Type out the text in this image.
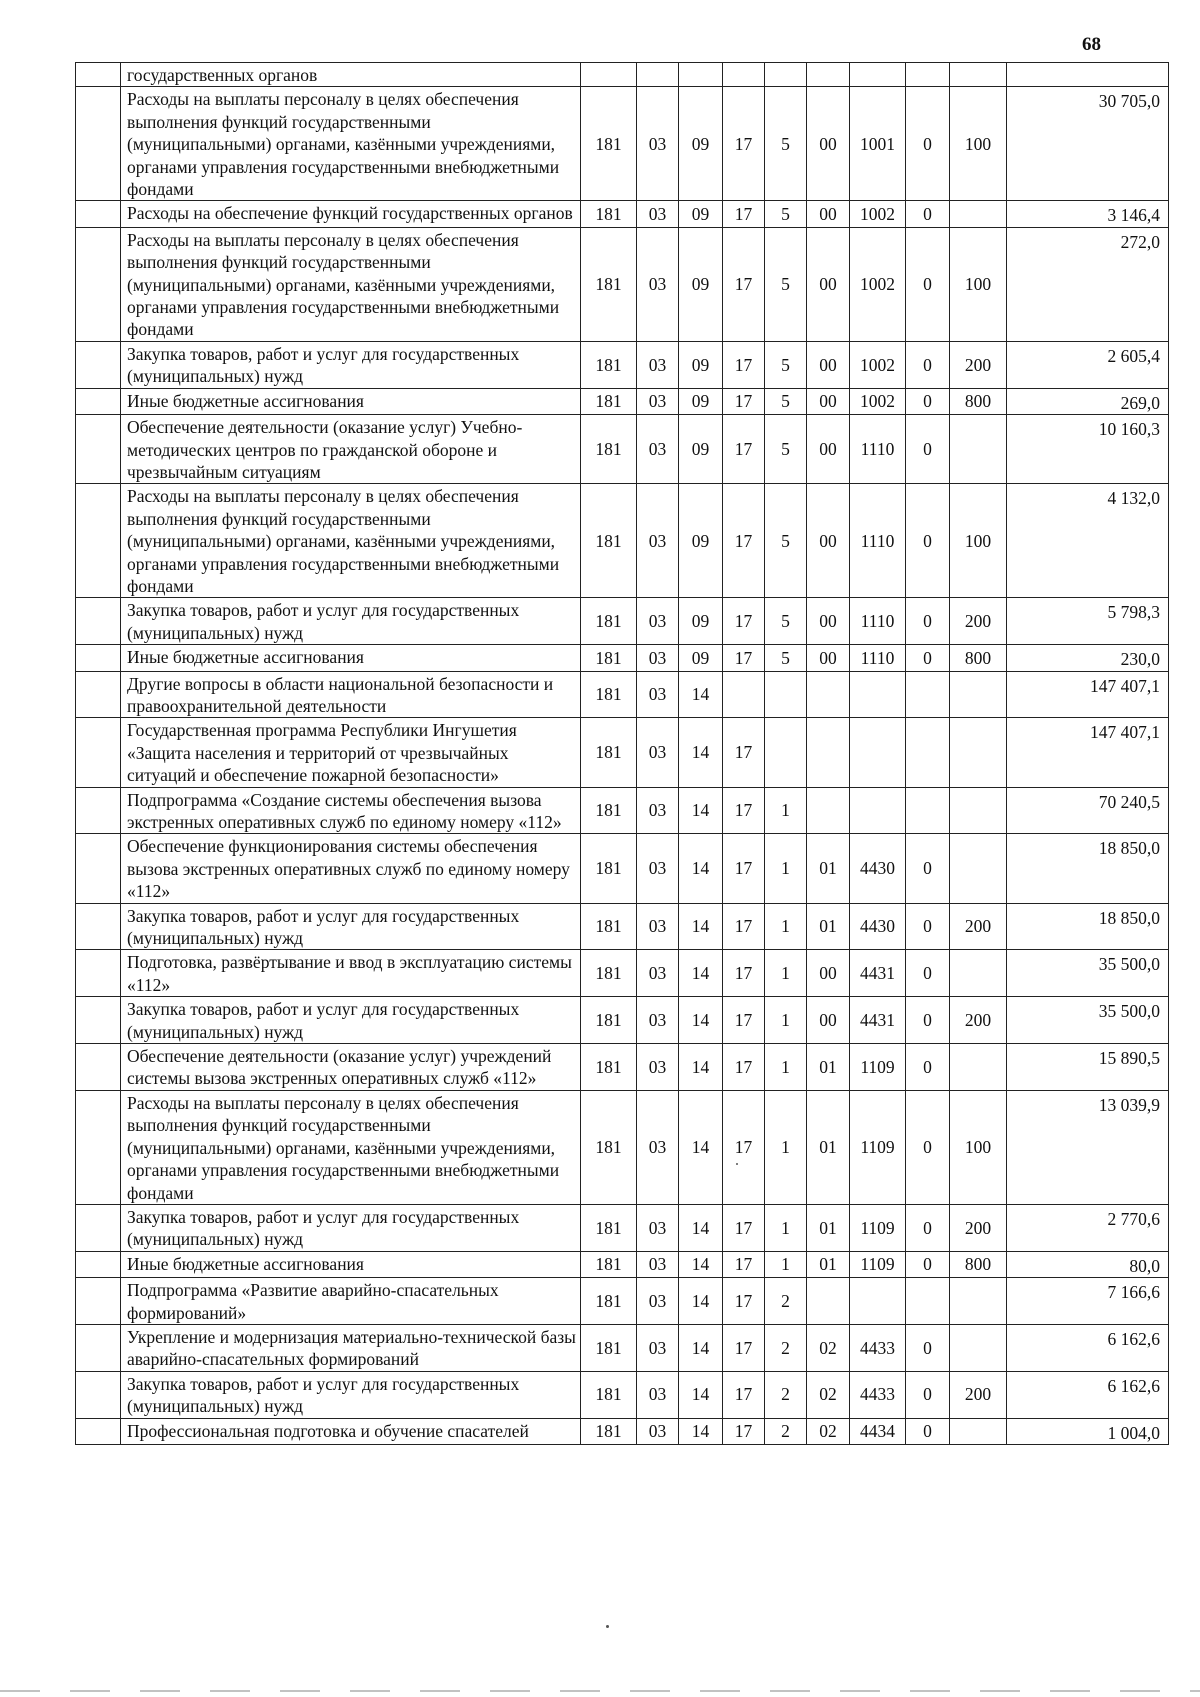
68
	государственных органов										
	Расходы на выплаты персоналу в целях обеспечения выполнения функций государственными (муниципальными) органами, казёнными учреждениями, органами управления государственными внебюджетными фондами	181	03	09	17	5	00	1001	0	100	30 705,0
	Расходы на обеспечение функций государственных органов	181	03	09	17	5	00	1002	0		3 146,4
	Расходы на выплаты персоналу в целях обеспечения выполнения функций государственными (муниципальными) органами, казёнными учреждениями, органами управления государственными внебюджетными фондами	181	03	09	17	5	00	1002	0	100	272,0
	Закупка товаров, работ и услуг для государственных (муниципальных) нужд	181	03	09	17	5	00	1002	0	200	2 605,4
	Иные бюджетные ассигнования	181	03	09	17	5	00	1002	0	800	269,0
	Обеспечение деятельности (оказание услуг) Учебно-методических центров по гражданской обороне и чрезвычайным ситуациям	181	03	09	17	5	00	1110	0		10 160,3
	Расходы на выплаты персоналу в целях обеспечения выполнения функций государственными (муниципальными) органами, казёнными учреждениями, органами управления государственными внебюджетными фондами	181	03	09	17	5	00	1110	0	100	4 132,0
	Закупка товаров, работ и услуг для государственных (муниципальных) нужд	181	03	09	17	5	00	1110	0	200	5 798,3
	Иные бюджетные ассигнования	181	03	09	17	5	00	1110	0	800	230,0
	Другие вопросы в области национальной безопасности и правоохранительной деятельности	181	03	14							147 407,1
	Государственная программа Республики Ингушетия «Защита населения и территорий от чрезвычайных ситуаций и обеспечение пожарной безопасности»	181	03	14	17						147 407,1
	Подпрограмма «Создание системы обеспечения вызова экстренных оперативных служб по единому номеру «112»	181	03	14	17	1					70 240,5
	Обеспечение функционирования системы обеспечения вызова экстренных оперативных служб по единому номеру «112»	181	03	14	17	1	01	4430	0		18 850,0
	Закупка товаров, работ и услуг для государственных (муниципальных) нужд	181	03	14	17	1	01	4430	0	200	18 850,0
	Подготовка, развёртывание и ввод в эксплуатацию системы «112»	181	03	14	17	1	00	4431	0		35 500,0
	Закупка товаров, работ и услуг для государственных (муниципальных) нужд	181	03	14	17	1	00	4431	0	200	35 500,0
	Обеспечение деятельности (оказание услуг) учреждений системы вызова экстренных оперативных служб «112»	181	03	14	17	1	01	1109	0		15 890,5
	Расходы на выплаты персоналу в целях обеспечения выполнения функций государственными (муниципальными) органами, казёнными учреждениями, органами управления государственными внебюджетными фондами	181	03	14	17	1	01	1109	0	100	13 039,9
	Закупка товаров, работ и услуг для государственных (муниципальных) нужд	181	03	14	17	1	01	1109	0	200	2 770,6
	Иные бюджетные ассигнования	181	03	14	17	1	01	1109	0	800	80,0
	Подпрограмма «Развитие аварийно-спасательных формирований»	181	03	14	17	2					7 166,6
	Укрепление и модернизация материально-технической базы аварийно-спасательных формирований	181	03	14	17	2	02	4433	0		6 162,6
	Закупка товаров, работ и услуг для государственных (муниципальных) нужд	181	03	14	17	2	02	4433	0	200	6 162,6
	Профессиональная подготовка и обучение спасателей	181	03	14	17	2	02	4434	0		1 004,0
